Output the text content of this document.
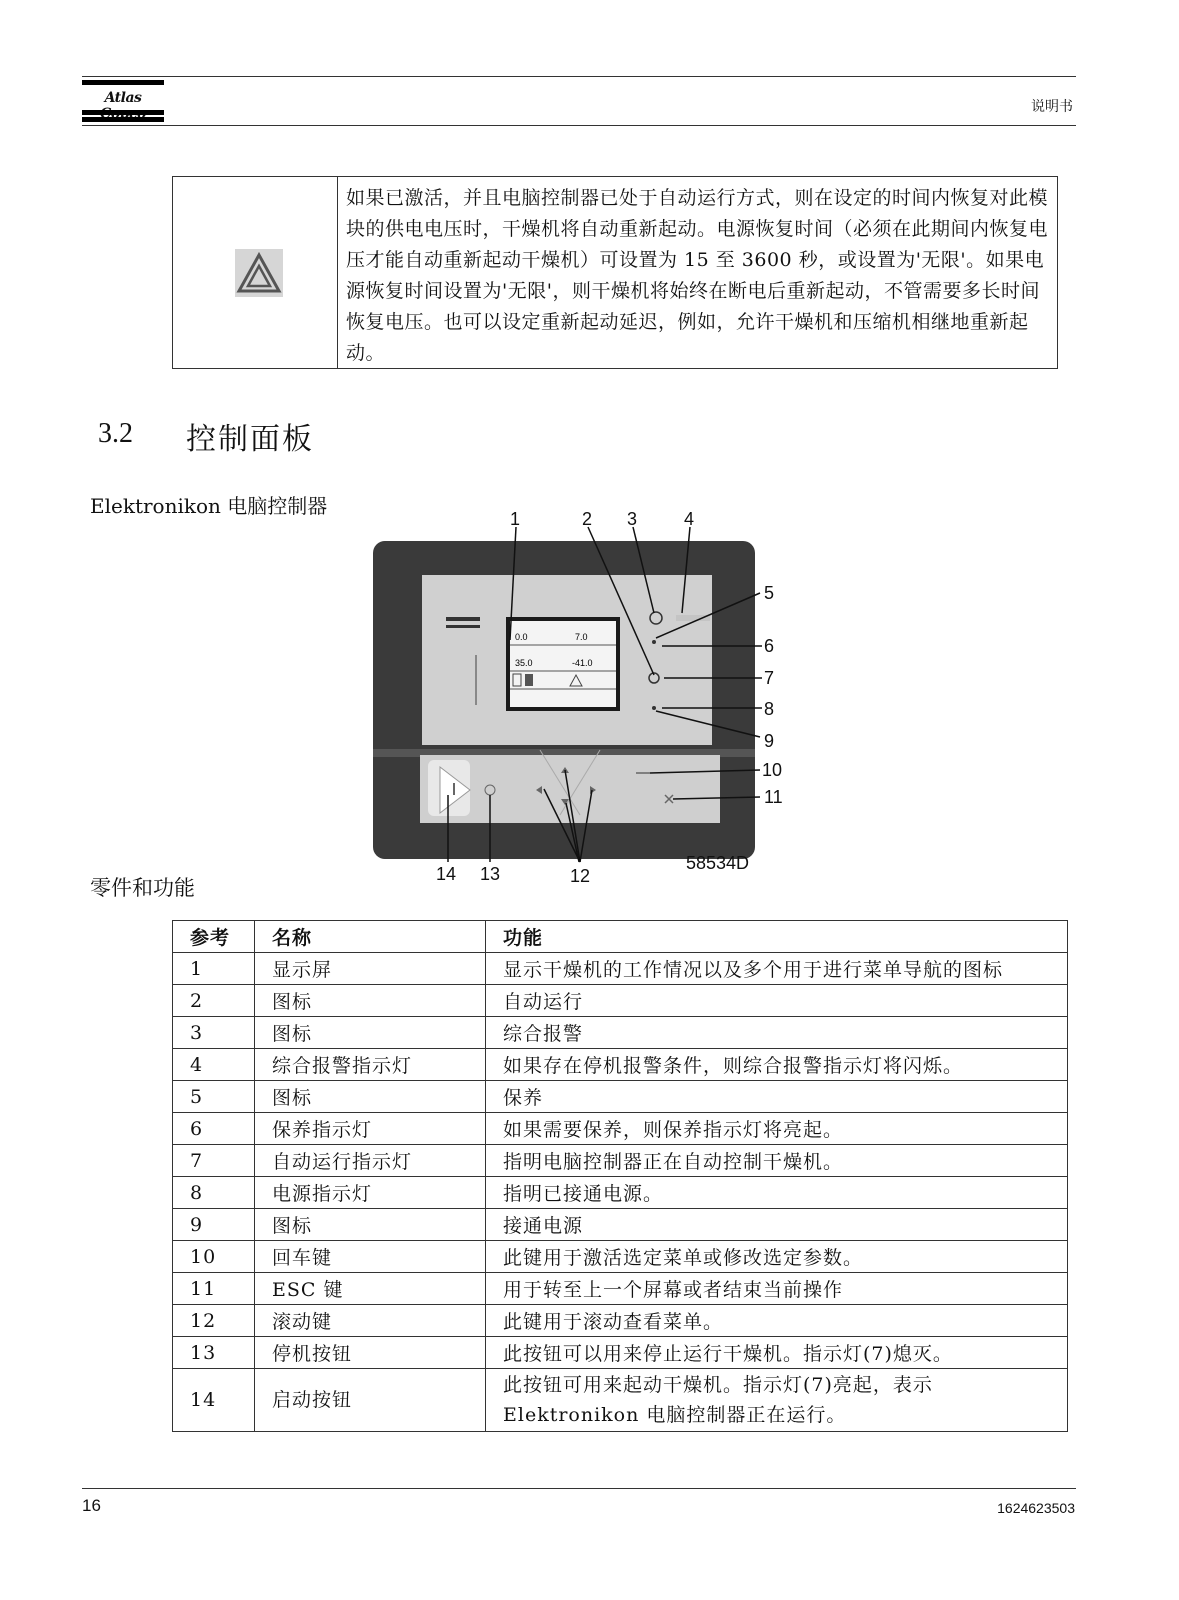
Atlas
说明书
如果已激活，并且电脑控制器已处于自动运行方式，则在设定的时间内恢复对此模块的供电电压时，干燥机将自动重新起动。电源恢复时间（必须在此期间内恢复电压才能自动重新起动干燥机）可设置为 15 至 3600 秒，或设置为'无限'。如果电源恢复时间设置为'无限'，则干燥机将始终在断电后重新起动，不管需要多长时间恢复电压。也可以设定重新起动延迟，例如，允许干燥机和压缩机相继地重新起动。
3.2 控制面板
Elektronikon 电脑控制器
0.0	7.0
35.0	-41.0
1	2 3	4
5
6
7
8
9
10
11
12
13
14
58534D
零件和功能
参考	名称	功能
1	显示屏	显示干燥机的工作情况以及多个用于进行菜单导航的图标
2	图标	自动运行
3	图标	综合报警
4	综合报警指示灯	如果存在停机报警条件，则综合报警指示灯将闪烁。
5	图标	保养
6	保养指示灯	如果需要保养，则保养指示灯将亮起。
7	自动运行指示灯	指明电脑控制器正在自动控制干燥机。
8	电源指示灯	指明已接通电源。
9	图标	接通电源
10	回车键	此键用于激活选定菜单或修改选定参数。
11	ESC 键	用于转至上一个屏幕或者结束当前操作
12	滚动键	此键用于滚动查看菜单。
13	停机按钮	此按钮可以用来停止运行干燥机。指示灯(7)熄灭。
14	启动按钮	此按钮可用来起动干燥机。指示灯(7)亮起，表示 Elektronikon 电脑控制器正在运行。
16	1624623503
